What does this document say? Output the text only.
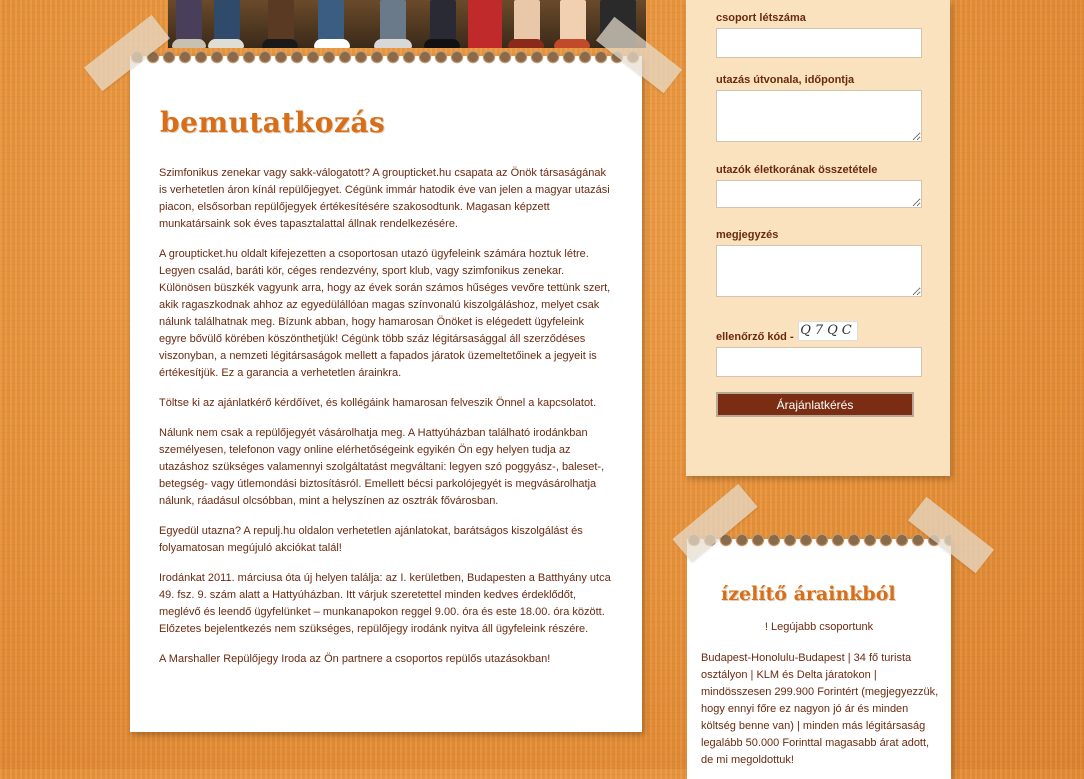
bemutatkozás

Szimfonikus zenekar vagy sakk-válogatott? A groupticket.hu csapata az Önök társaságának is verhetetlen áron kínál repülőjegyet. Cégünk immár hatodik éve van jelen a magyar utazási piacon, elsősorban repülőjegyek értékesítésére szakosodtunk. Magasan képzett munkatársaink sok éves tapasztalattal állnak rendelkezésére.

A groupticket.hu oldalt kifejezetten a csoportosan utazó ügyfeleink számára hoztuk létre. Legyen család, baráti kör, céges rendezvény, sport klub, vagy szimfonikus zenekar. Különösen büszkék vagyunk arra, hogy az évek során számos hűséges vevőre tettünk szert, akik ragaszkodnak ahhoz az egyedülállóan magas színvonalú kiszolgáláshoz, melyet csak nálunk találhatnak meg. Bízunk abban, hogy hamarosan Önöket is elégedett ügyfeleink egyre bővülő körében köszönthetjük! Cégünk több száz légitársasággal áll szerződéses viszonyban, a nemzeti légitársaságok mellett a fapados járatok üzemeltetőinek a jegyeit is értékesítjük. Ez a garancia a verhetetlen árainkra.

Töltse ki az ajánlatkérő kérdőívet, és kollégáink hamarosan felveszik Önnel a kapcsolatot.

Nálunk nem csak a repülőjegyét vásárolhatja meg. A Hattyúházban található irodánkban személyesen, telefonon vagy online elérhetőségeink egyikén Ön egy helyen tudja az utazáshoz szükséges valamennyi szolgáltatást megváltani: legyen szó poggyász-, baleset-, betegség- vagy útlemondási biztosításról. Emellett bécsi parkolójegyét is megvásárolhatja nálunk, ráadásul olcsóbban, mint a helyszínen az osztrák fővárosban.

Egyedül utazna? A repulj.hu oldalon verhetetlen ajánlatokat, barátságos kiszolgálást és folyamatosan megújuló akciókat talál!

Irodánkat 2011. márciusa óta új helyen találja: az I. kerületben, Budapesten a Batthyány utca 49. fsz. 9. szám alatt a Hattyúházban. Itt várjuk szeretettel minden kedves érdeklődőt, meglévő és leendő ügyfelünket – munkanapokon reggel 9.00. óra és este 18.00. óra között. Előzetes bejelentkezés nem szükséges, repülőjegy irodánk nyitva áll ügyfeleink részére.

A Marshaller Repülőjegy Iroda az Ön partnere a csoportos repülős utazásokban!

csoport létszáma
utazás útvonala, időpontja
utazók életkorának összetétele
megjegyzés
ellenőrző kód - Q7QC
Árajánlatkérés
ízelítő árainkból
! Legújabb csoportunk
Budapest-Honolulu-Budapest | 34 fő turista osztályon | KLM és Delta járatokon | mindösszesen 299.900 Forintért (megjegyezzük, hogy ennyi főre ez nagyon jó ár és minden költség benne van) | minden más légitársaság legalább 50.000 Forinttal magasabb árat adott, de mi megoldottuk!
